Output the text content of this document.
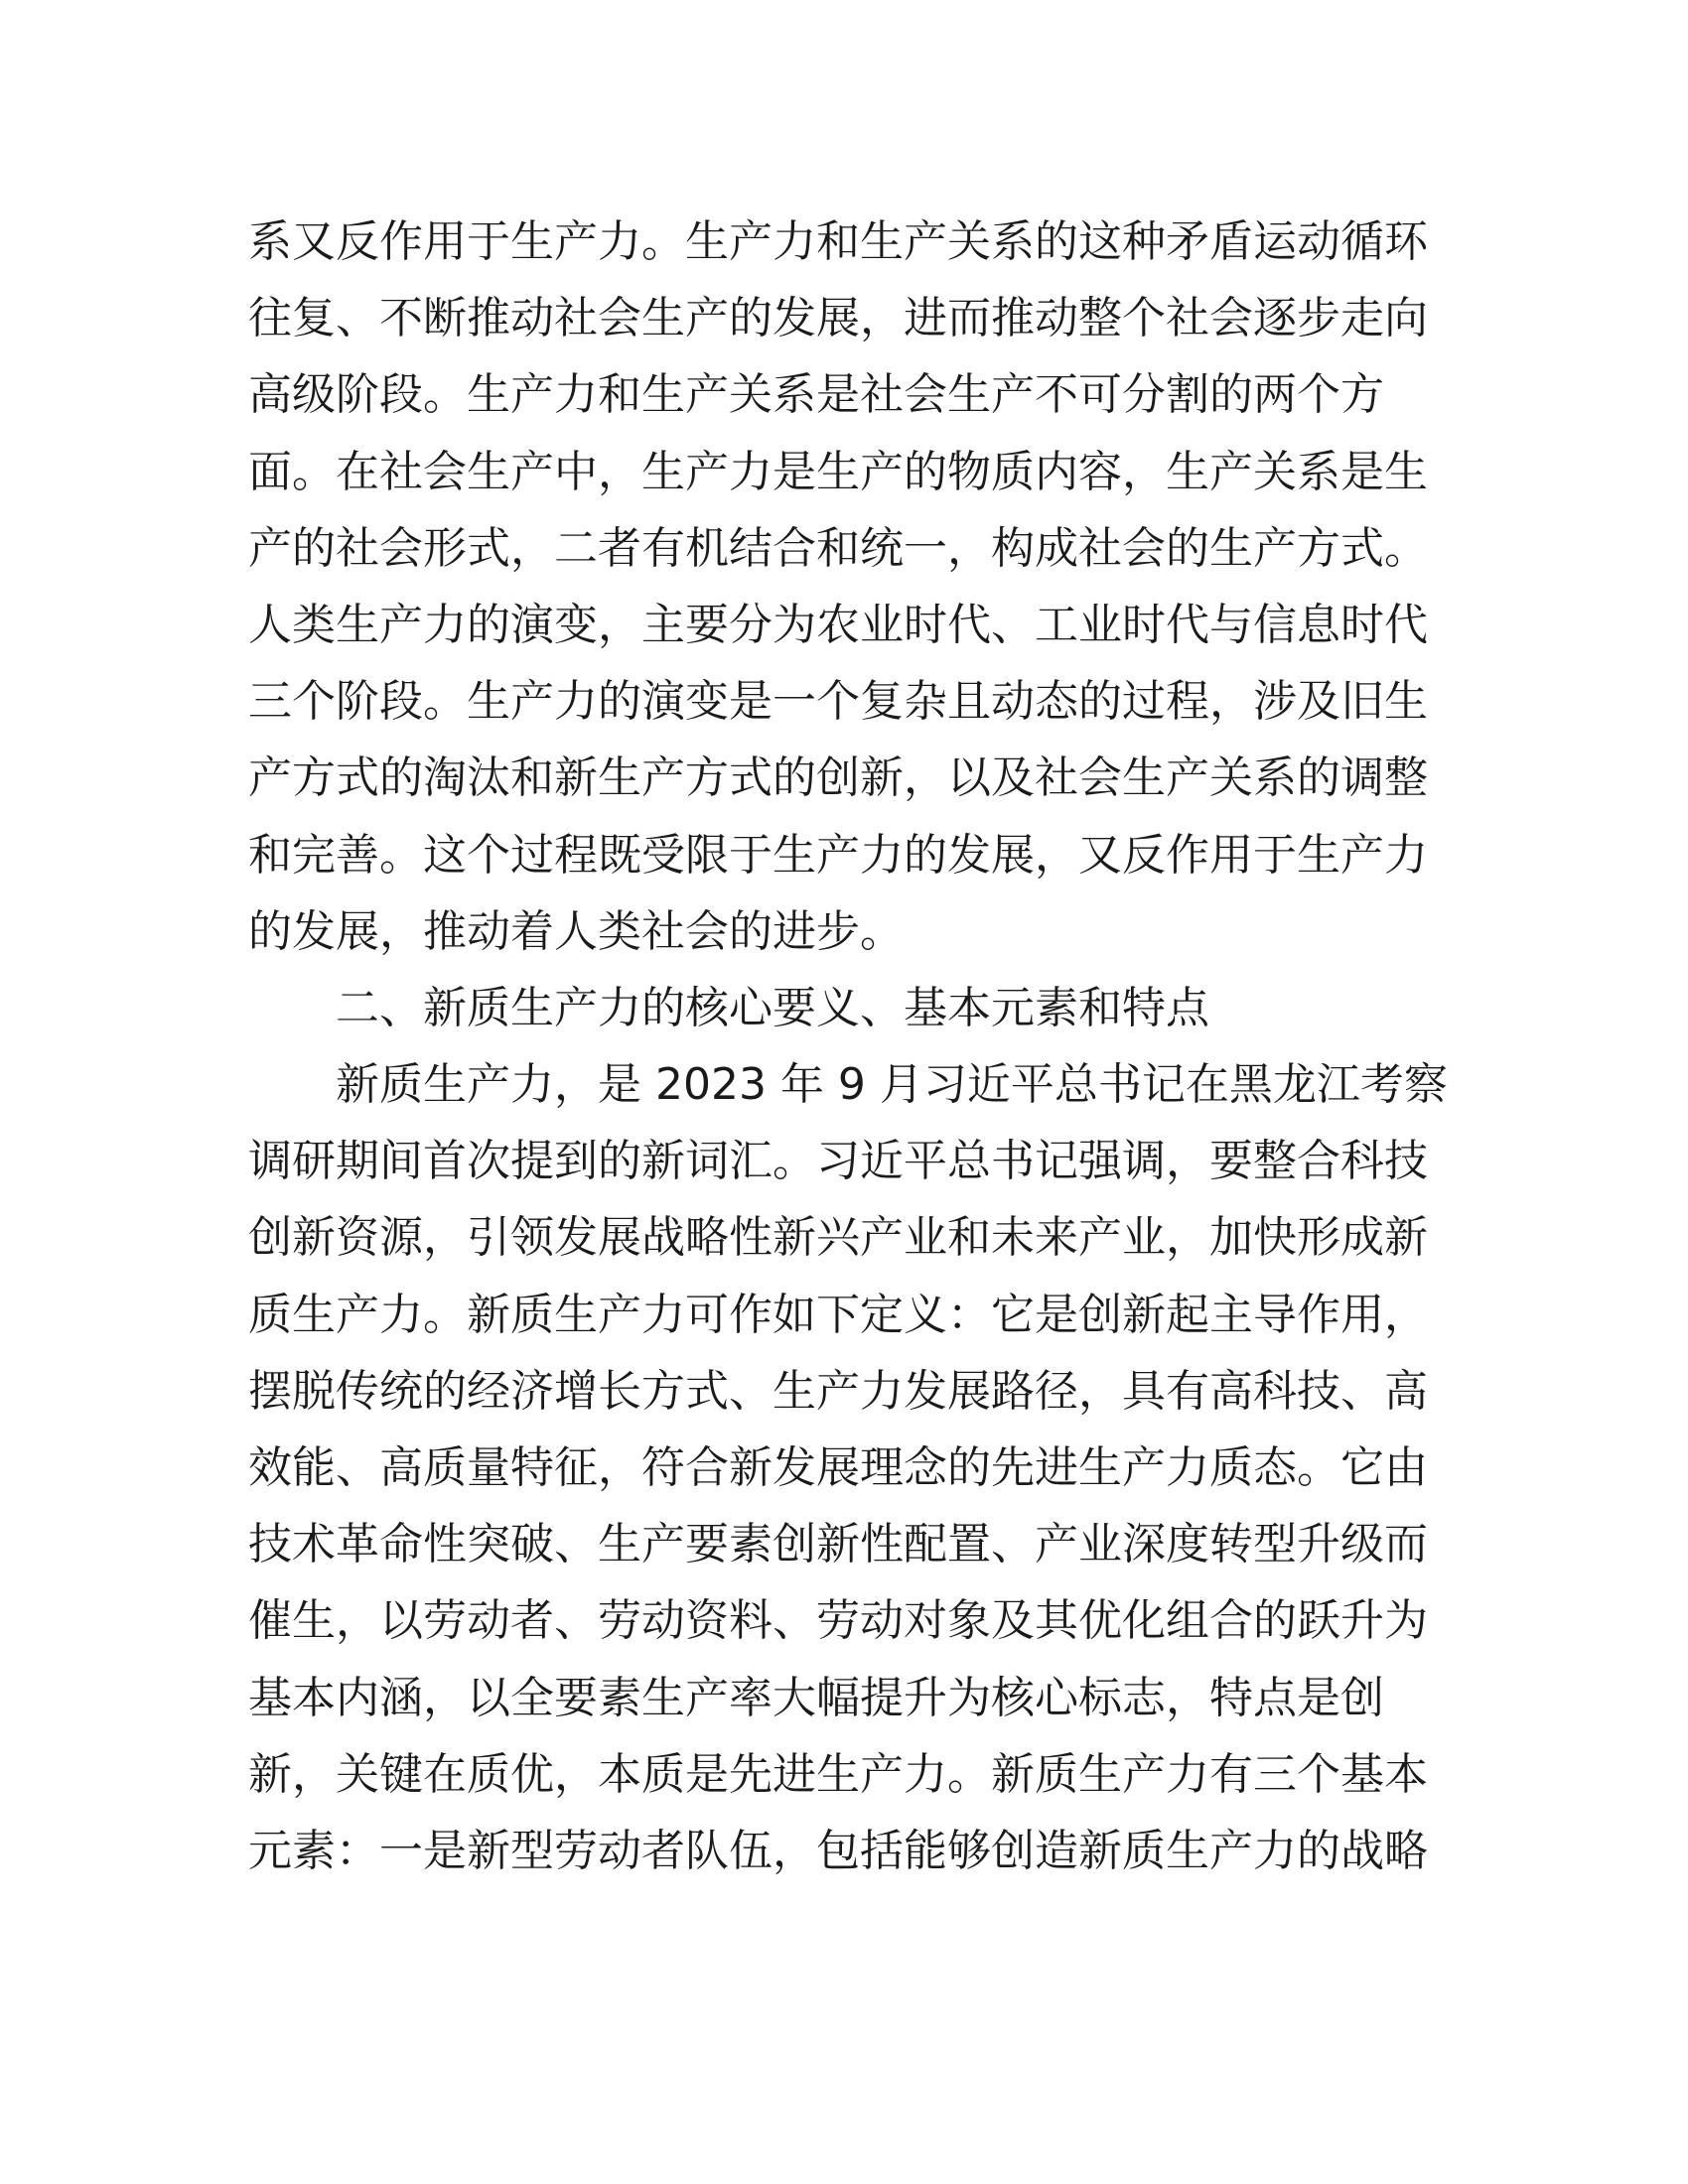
系又反作用于生产力。生产力和生产关系的这种矛盾运动循环
往复、不断推动社会生产的发展，进而推动整个社会逐步走向
高级阶段。生产力和生产关系是社会生产不可分割的两个方
面。在社会生产中，生产力是生产的物质内容，生产关系是生
产的社会形式，二者有机结合和统一，构成社会的生产方式。
人类生产力的演变，主要分为农业时代、工业时代与信息时代
三个阶段。生产力的演变是一个复杂且动态的过程，涉及旧生
产方式的淘汰和新生产方式的创新，以及社会生产关系的调整
和完善。这个过程既受限于生产力的发展，又反作用于生产力
的发展，推动着人类社会的进步。
二、新质生产力的核心要义、基本元素和特点
新质生产力，是 2023 年 9 月习近平总书记在黑龙江考察
调研期间首次提到的新词汇。习近平总书记强调，要整合科技
创新资源，引领发展战略性新兴产业和未来产业，加快形成新
质生产力。新质生产力可作如下定义：它是创新起主导作用，
摆脱传统的经济增长方式、生产力发展路径，具有高科技、高
效能、高质量特征，符合新发展理念的先进生产力质态。它由
技术革命性突破、生产要素创新性配置、产业深度转型升级而
催生，以劳动者、劳动资料、劳动对象及其优化组合的跃升为
基本内涵，以全要素生产率大幅提升为核心标志，特点是创
新，关键在质优，本质是先进生产力。新质生产力有三个基本
元素：一是新型劳动者队伍，包括能够创造新质生产力的战略
